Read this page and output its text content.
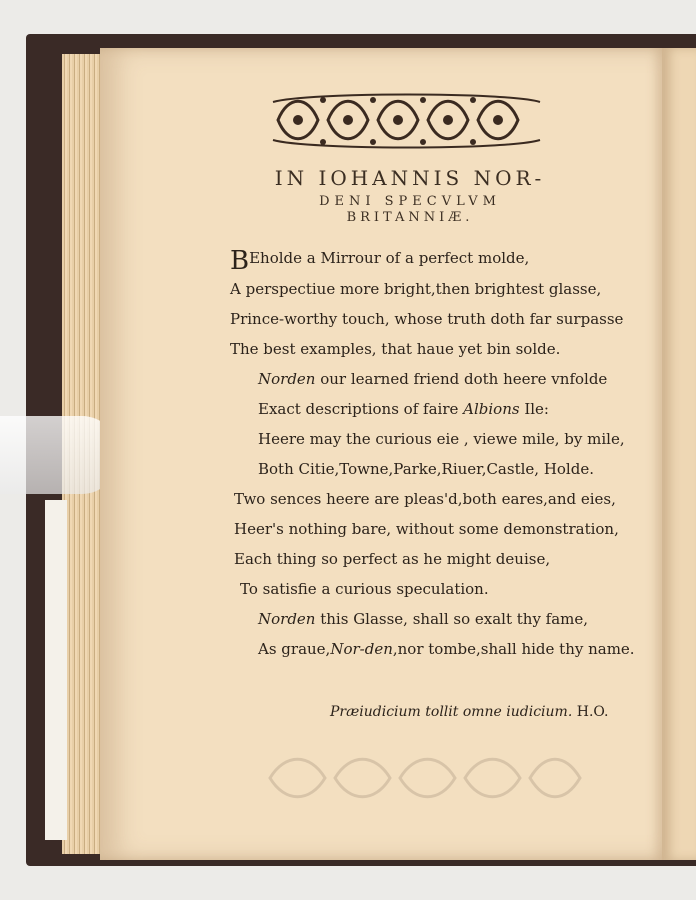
IN IOHANNIS NOR-
DENI SPECVLVM
BRITANNIÆ.
BEholde a Mirrour of a perfect molde,
A perspectiue more bright,then brightest glasse,
Prince-worthy touch, whose truth doth far surpasse
The best examples, that haue yet bin solde.
Norden our learned friend doth heere vnfolde
Exact descriptions of faire Albions Ile:
Heere may the curious eie , viewe mile, by mile,
Both Citie,Towne,Parke,Riuer,Castle, Holde.
Two sences heere are pleas'd,both eares,and eies,
Heer's nothing bare, without some demonstration,
Each thing so perfect as he might deuise,
To satisfie a curious speculation.
Norden this Glasse, shall so exalt thy fame,
As graue,Nor-den,nor tombe,shall hide thy name.
Præiudicium tollit omne iudicium. H.O.
